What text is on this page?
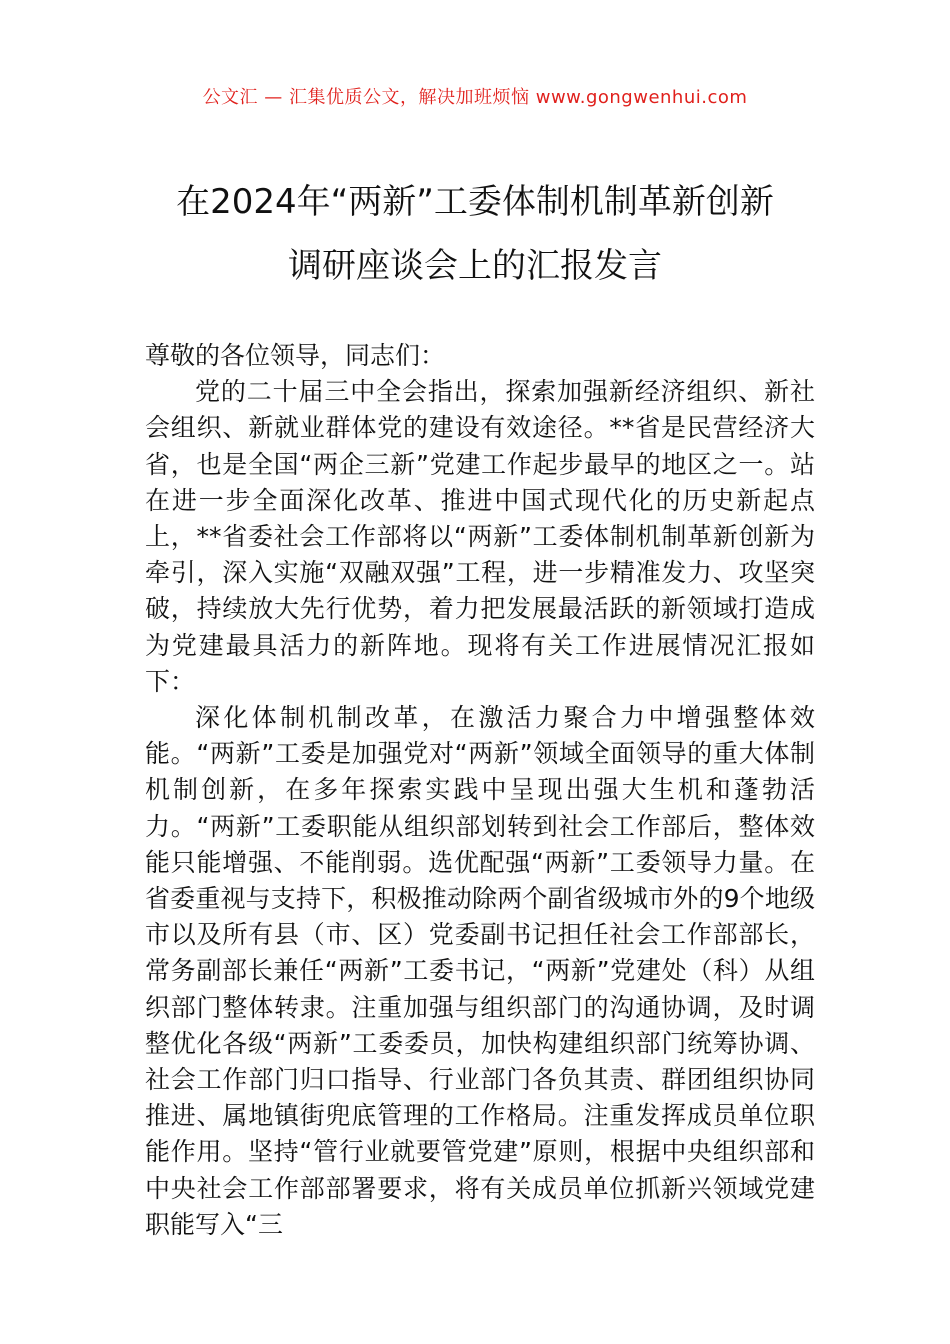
公文汇 — 汇集优质公文，解决加班烦恼 www.gongwenhui.com
在2024年“两新”工委体制机制革新创新
调研座谈会上的汇报发言

尊敬的各位领导，同志们：

党的二十届三中全会指出，探索加强新经济组织、新社会组织、新就业群体党的建设有效途径。**省是民营经济大省，也是全国“两企三新”党建工作起步最早的地区之一。站在进一步全面深化改革、推进中国式现代化的历史新起点上，**省委社会工作部将以“两新”工委体制机制革新创新为牵引，深入实施“双融双强”工程，进一步精准发力、攻坚突破，持续放大先行优势，着力把发展最活跃的新领域打造成为党建最具活力的新阵地。现将有关工作进展情况汇报如下：

深化体制机制改革，在激活力聚合力中增强整体效能。“两新”工委是加强党对“两新”领域全面领导的重大体制机制创新，在多年探索实践中呈现出强大生机和蓬勃活力。“两新”工委职能从组织部划转到社会工作部后，整体效能只能增强、不能削弱。选优配强“两新”工委领导力量。在省委重视与支持下，积极推动除两个副省级城市外的9个地级市以及所有县（市、区）党委副书记担任社会工作部部长，常务副部长兼任“两新”工委书记，“两新”党建处（科）从组织部门整体转隶。注重加强与组织部门的沟通协调，及时调整优化各级“两新”工委委员，加快构建组织部门统筹协调、社会工作部门归口指导、行业部门各负其责、群团组织协同推进、属地镇街兜底管理的工作格局。注重发挥成员单位职能作用。坚持“管行业就要管党建”原则，根据中央组织部和中央社会工作部部署要求，将有关成员单位抓新兴领域党建职能写入“三
